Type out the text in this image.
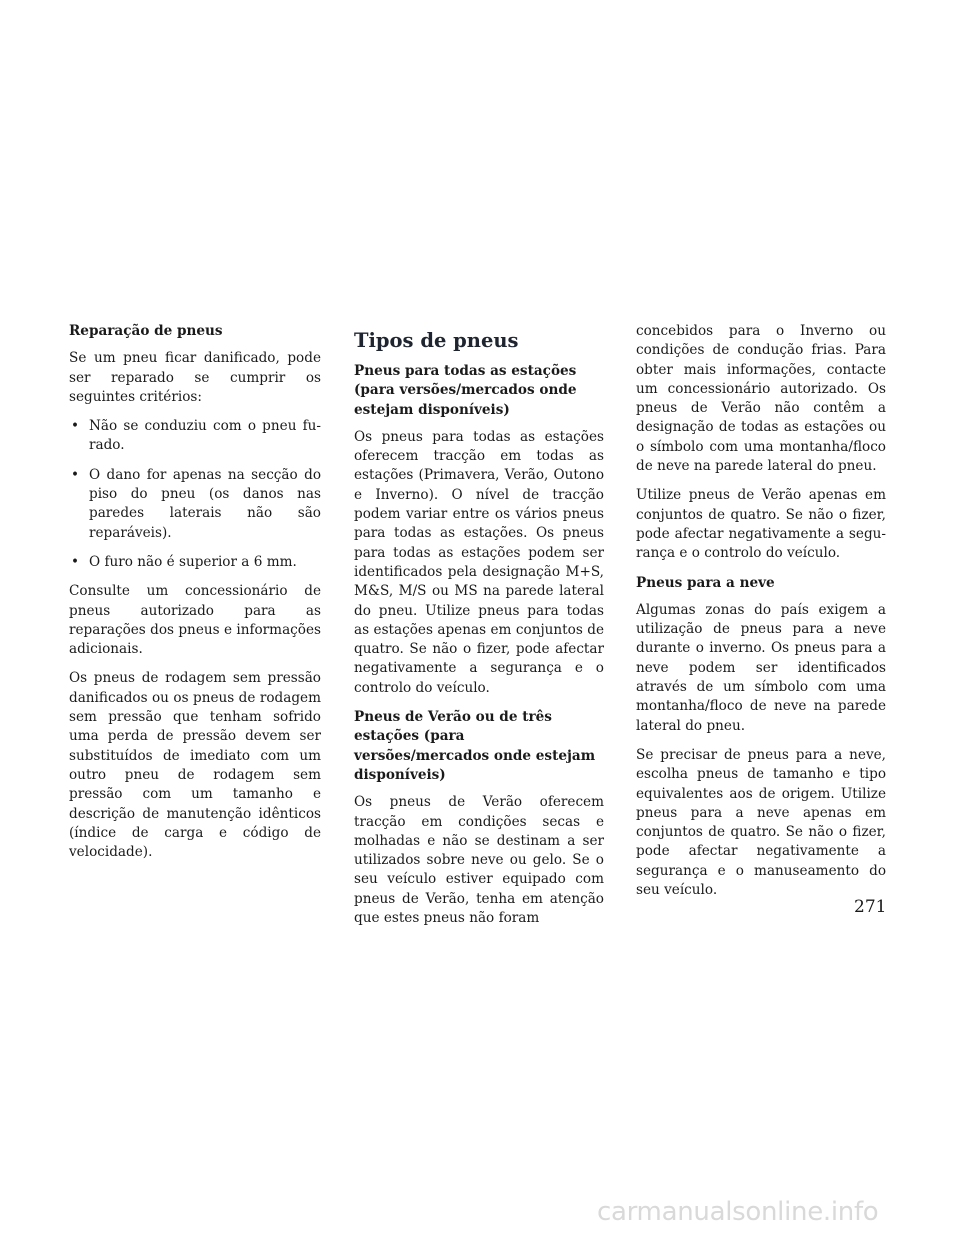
Reparação de pneus

Se um pneu ficar danificado, pode ser reparado se cumprir os seguintes critérios:

• Não se conduziu com o pneu furado.
• O dano for apenas na secção do piso do pneu (os danos nas paredes laterais não são reparáveis).
• O furo não é superior a 6 mm.

Consulte um concessionário de pneus autorizado para as reparações dos pneus e informações adicionais.

Os pneus de rodagem sem pressão danificados ou os pneus de rodagem sem pressão que tenham sofrido uma perda de pressão devem ser substituídos de imediato com um outro pneu de rodagem sem pressão com um tamanho e descrição de manutenção idênticos (índice de carga e código de velocidade).

Tipos de pneus

Pneus para todas as estações (para versões/mercados onde estejam disponíveis)

Os pneus para todas as estações oferecem tracção em todas as estações (Primavera, Verão, Outono e Inverno). O nível de tracção podem variar entre os vários pneus para todas as estações. Os pneus para todas as estações podem ser identificados pela designação M+S, M&S, M/S ou MS na parede lateral do pneu. Utilize pneus para todas as estações apenas em conjuntos de quatro. Se não o fizer, pode afectar negativamente a segurança e o controlo do veículo.

Pneus de Verão ou de três estações (para versões/mercados onde estejam disponíveis)

Os pneus de Verão oferecem tracção em condições secas e molhadas e não se destinam a ser utilizados sobre neve ou gelo. Se o seu veículo estiver equipado com pneus de Verão, tenha em atenção que estes pneus não foram

concebidos para o Inverno ou condições de condução frias. Para obter mais informações, contacte um concessionário autorizado. Os pneus de Verão não contêm a designação de todas as estações ou o símbolo com uma montanha/floco de neve na parede lateral do pneu.

Utilize pneus de Verão apenas em conjuntos de quatro. Se não o fizer, pode afectar negativamente a segurança e o controlo do veículo.

Pneus para a neve

Algumas zonas do país exigem a utilização de pneus para a neve durante o inverno. Os pneus para a neve podem ser identificados através de um símbolo com uma montanha/floco de neve na parede lateral do pneu.

Se precisar de pneus para a neve, escolha pneus de tamanho e tipo equivalentes aos de origem. Utilize pneus para a neve apenas em conjuntos de quatro. Se não o fizer, pode afectar negativamente a segurança e o manuseamento do seu veículo.

271
carmanualsonline.info
